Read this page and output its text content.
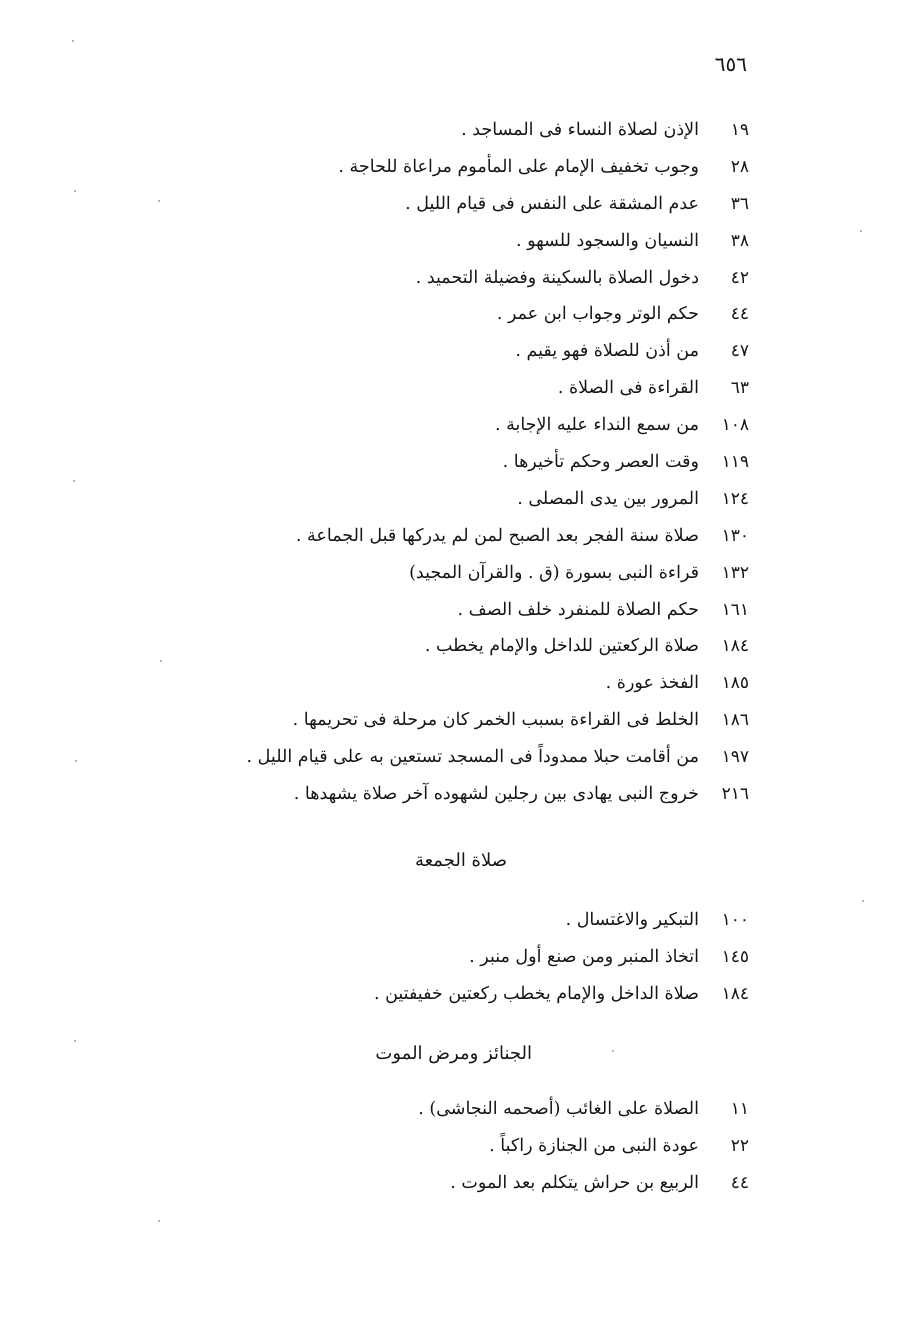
٦٥٦
١٩
الإذن لصلاة النساء فى المساجد .
٢٨
وجوب تخفيف الإمام على المأموم مراعاة للحاجة .
٣٦
عدم المشقة على النفس فى قيام الليل .
٣٨
النسيان والسجود للسهو .
٤٢
دخول الصلاة بالسكينة وفضيلة التحميد .
٤٤
حكم الوتر وجواب ابن عمر .
٤٧
من أذن للصلاة فهو يقيم .
٦٣
القراءة فى الصلاة .
١٠٨
من سمع النداء عليه الإجابة .
١١٩
وقت العصر وحكم تأخيرها .
١٢٤
المرور بين يدى المصلى .
١٣٠
صلاة سنة الفجر بعد الصبح لمن لم يدركها قبل الجماعة .
١٣٢
قراءة النبى بسورة (ق . والقرآن المجيد)
١٦١
حكم الصلاة للمنفرد خلف الصف .
١٨٤
صلاة الركعتين للداخل والإمام يخطب .
١٨٥
الفخذ عورة .
١٨٦
الخلط فى القراءة بسبب الخمر كان مرحلة فى تحريمها .
١٩٧
من أقامت حبلا ممدوداً فى المسجد تستعين به على قيام الليل .
٢١٦
خروج النبى يهادى بين رجلين لشهوده آخر صلاة يشهدها .
صلاة الجمعة
١٠٠
التبكير والاغتسال .
١٤٥
اتخاذ المنبر ومن صنع أول منبر .
١٨٤
صلاة الداخل والإمام يخطب ركعتين خفيفتين .
الجنائز ومرض الموت
١١
الصلاة على الغائب (أصحمه النجاشى) .
٢٢
عودة النبى من الجنازة راكباً .
٤٤
الربيع بن حراش يتكلم بعد الموت .
